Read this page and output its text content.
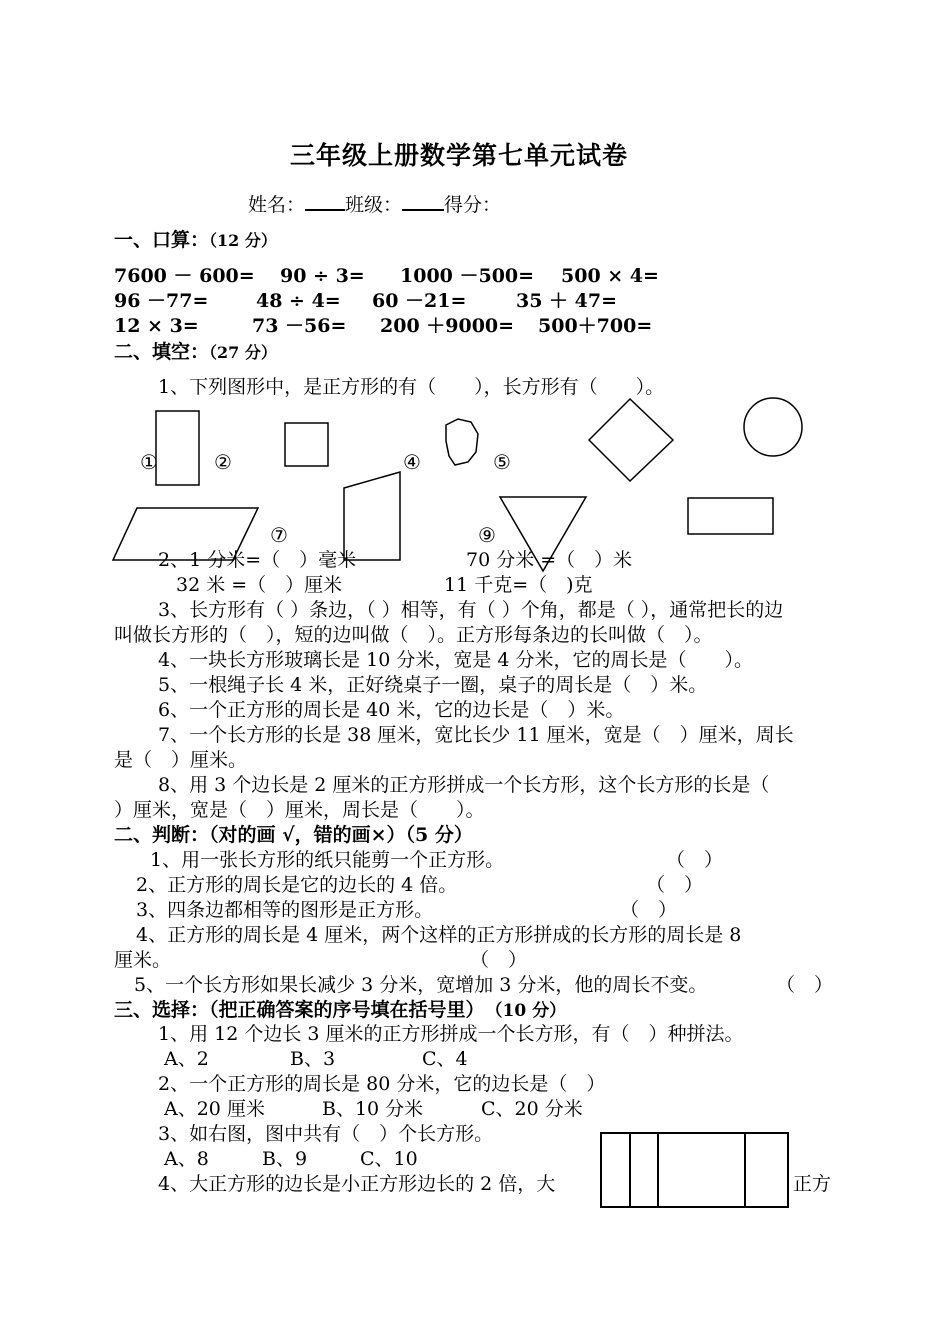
三年级上册数学第七单元试卷
姓名： 班级： 得分：
一、口算：（12 分）
7600 － 600= 90 ÷ 3= 1000 －500= 500 × 4=
96 －77=	48 ÷ 4= 60 －21=	35 ＋ 47=
12 × 3=	73 －56= 200 ＋9000= 500＋700=
二、填空：（27 分）
1、下列图形中，是正方形的有（　　），长方形有（　　）。
①	②	④	⑤
⑦	⑨
2、1 分米=（　）毫米	70 分米 =（　）米
32 米 =（　）厘米	11 千克=（　)克
3、长方形有（ ）条边，（ ）相等，有（ ）个角，都是（ ），通常把长的边
叫做长方形的（　），短的边叫做（　）。正方形每条边的长叫做（　）。
4、一块长方形玻璃长是 10 分米，宽是 4 分米，它的周长是（　　）。
5、一根绳子长 4 米，正好绕桌子一圈，桌子的周长是（　）米。
6、一个正方形的周长是 40 米，它的边长是（　）米。
7、一个长方形的长是 38 厘米，宽比长少 11 厘米，宽是（　）厘米，周长
是（　）厘米。
8、用 3 个边长是 2 厘米的正方形拼成一个长方形，这个长方形的长是（
）厘米，宽是（　）厘米，周长是（　　）。
二、判断：（对的画 √，错的画×）（5 分）
1、用一张长方形的纸只能剪一个正方形。	（　）
2、正方形的周长是它的边长的 4 倍。	（　）
3、四条边都相等的图形是正方形。	（　）
4、正方形的周长是 4 厘米，两个这样的正方形拼成的长方形的周长是 8
厘米。	（　）
5、一个长方形如果长减少 3 分米，宽增加 3 分米，他的周长不变。	（　）
三、选择：（把正确答案的序号填在括号里）　 （10 分）
1、用 12 个边长 3 厘米的正方形拼成一个长方形，有（　）种拼法。
A、2	B、3	C、4
2、一个正方形的周长是 80 分米，它的边长是（　）
A、20 厘米	B、10 分米	C、20 分米
3、如右图，图中共有（　）个长方形。
A、8	B、9	C、10
4、大正方形的边长是小正方形边长的 2 倍，大	正方
